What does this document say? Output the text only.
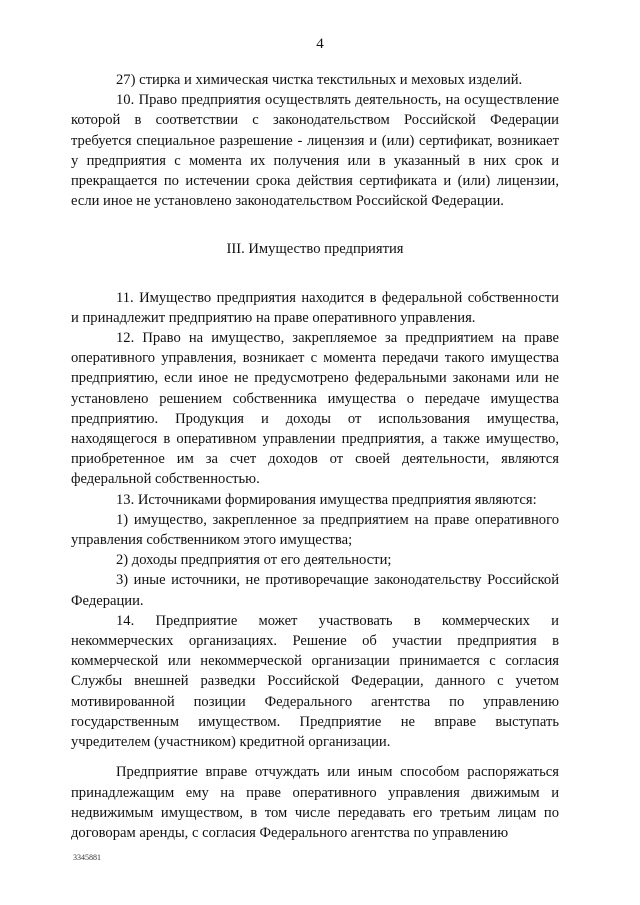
4

27) стирка и химическая чистка текстильных и меховых изделий.

10. Право предприятия осуществлять деятельность, на осуществление которой в соответствии с законодательством Российской Федерации требуется специальное разрешение - лицензия и (или) сертификат, возникает у предприятия с момента их получения или в указанный в них срок и прекращается по истечении срока действия сертификата и (или) лицензии, если иное не установлено законодательством Российской Федерации.

III. Имущество предприятия

11. Имущество предприятия находится в федеральной собственности и принадлежит предприятию на праве оперативного управления.

12. Право на имущество, закрепляемое за предприятием на праве оперативного управления, возникает с момента передачи такого имущества предприятию, если иное не предусмотрено федеральными законами или не установлено решением собственника имущества о передаче имущества предприятию. Продукция и доходы от использования имущества, находящегося в оперативном управлении предприятия, а также имущество, приобретенное им за счет доходов от своей деятельности, являются федеральной собственностью.

13. Источниками формирования имущества предприятия являются:

1) имущество, закрепленное за предприятием на праве оперативного управления собственником этого имущества;

2) доходы предприятия от его деятельности;

3) иные источники, не противоречащие законодательству Российской Федерации.

14. Предприятие может участвовать в коммерческих и некоммерческих организациях. Решение об участии предприятия в коммерческой или некоммерческой организации принимается с согласия Службы внешней разведки Российской Федерации, данного с учетом мотивированной позиции Федерального агентства по управлению государственным имуществом. Предприятие не вправе выступать учредителем (участником) кредитной организации.

Предприятие вправе отчуждать или иным способом распоряжаться принадлежащим ему на праве оперативного управления движимым и недвижимым имуществом, в том числе передавать его третьим лицам по договорам аренды, с согласия Федерального агентства по управлению

3345881
